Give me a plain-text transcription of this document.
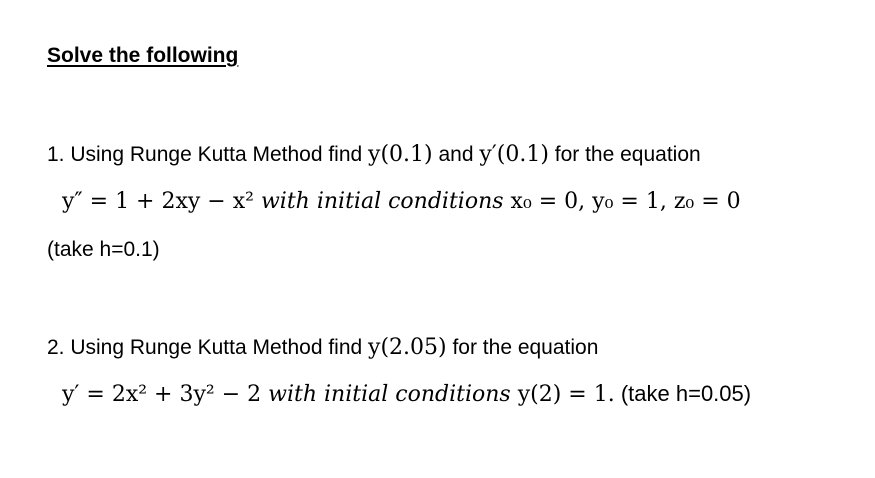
Solve the following
1. Using Runge Kutta Method find y(0.1) and y′(0.1) for the equation
y″ = 1 + 2xy − x² with initial conditions x₀ = 0, y₀ = 1, z₀ = 0
(take h=0.1)
2. Using Runge Kutta Method find y(2.05) for the equation
y′ = 2x² + 3y² − 2 with initial conditions y(2) = 1. (take h=0.05)
